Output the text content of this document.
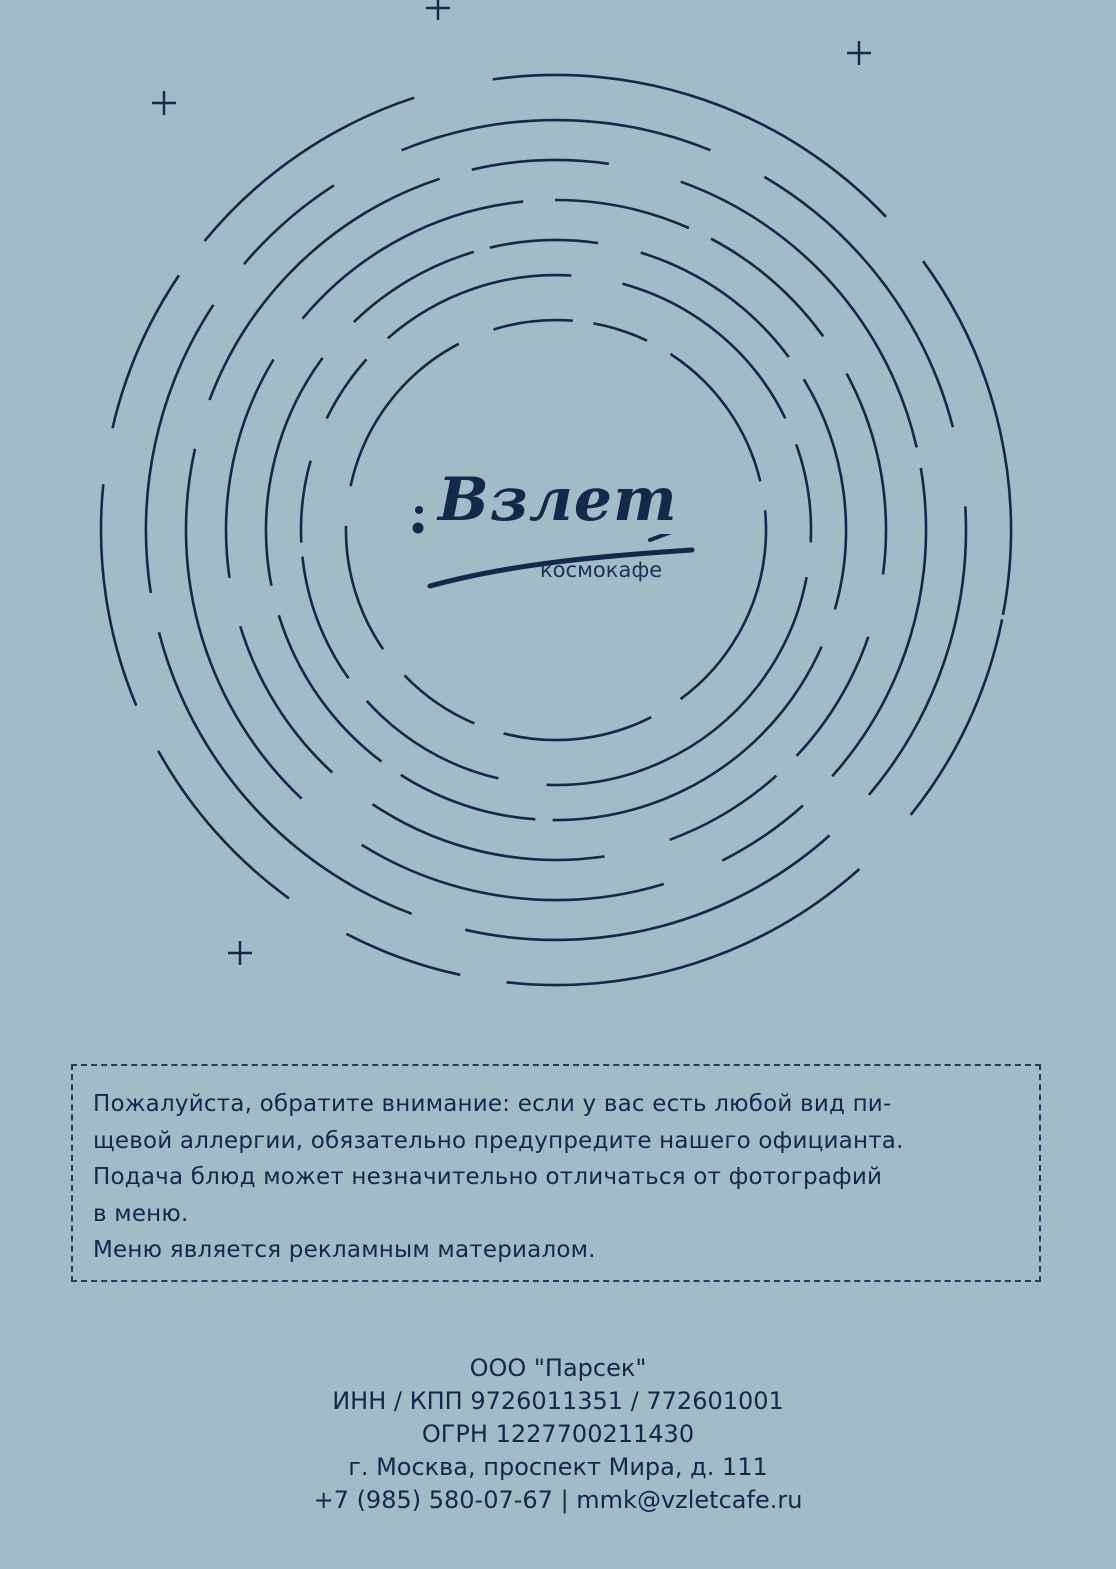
Взлет
космокафе

Пожалуйста, обратите внимание: если у вас есть любой вид пи-

щевой аллергии, обязательно предупредите нашего официанта.

Подача блюд может незначительно отличаться от фотографий

в меню.

Меню является рекламным материалом.

ООО "Парсек"
ИНН / КПП 9726011351 / 772601001
ОГРН 1227700211430
г. Москва, проспект Мира, д. 111
+7 (985) 580-07-67 | mmk@vzletcafe.ru
